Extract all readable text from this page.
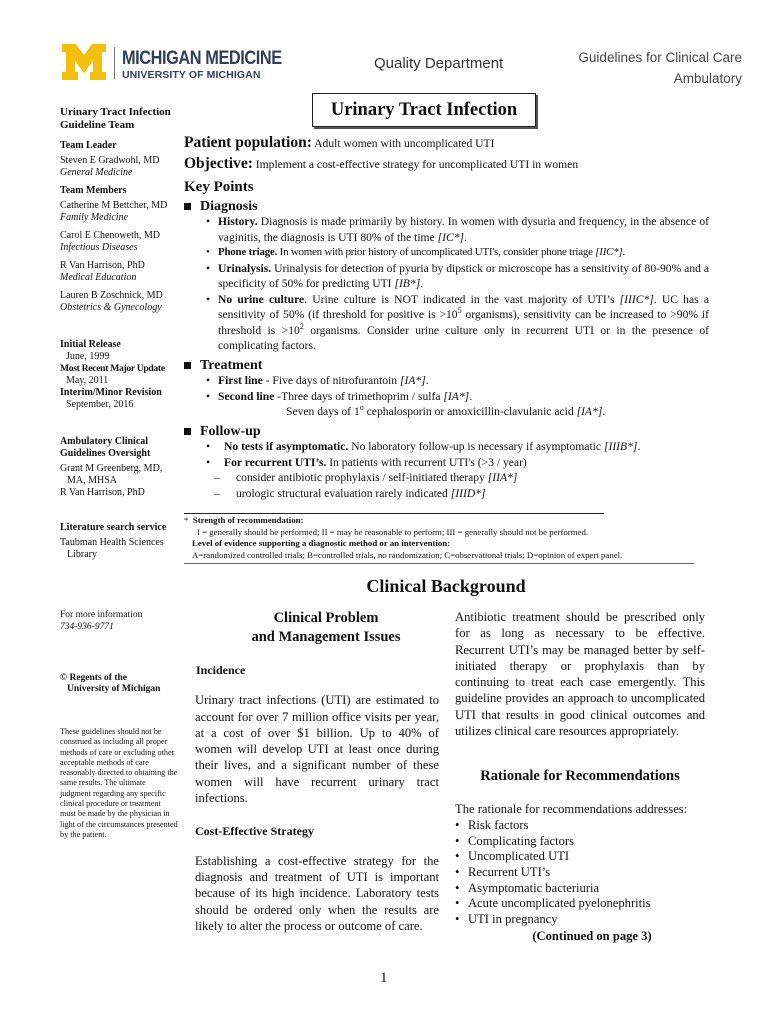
MICHIGAN MEDICINE
UNIVERSITY OF MICHIGAN
Quality Department	Guidelines for Clinical Care
Ambulatory
Urinary Tract Infection
Urinary Tract Infection Guideline Team
Team Leader
Steven E Gradwohl, MD
General Medicine
Team Members
Catherine M Bettcher, MD
Family Medicine
Carol E Chenoweth, MD
Infectious Diseases
R Van Harrison, PhD
Medical Education
Lauren B Zoschnick, MD
Obstetrics & Gynecology
Initial Release
June, 1999
Most Recent Major Update
May, 2011
Interim/Minor Revision
September, 2016
Ambulatory Clinical Guidelines Oversight
Grant M Greenberg, MD,
MA, MHSA
R Van Harrison, PhD
Literature search service
Taubman Health Sciences
Library
For more information
734-936-9771
© Regents of the
University of Michigan
These guidelines should not be construed as including all proper methods of care or excluding other acceptable methods of care reasonably directed to obtaining the same results. The ultimate judgment regarding any specific clinical procedure or treatment must be made by the physician in light of the circumstances presented by the patient.
Patient population: Adult women with uncomplicated UTI
Objective: Implement a cost-effective strategy for uncomplicated UTI in women
Key Points
Diagnosis
• History. Diagnosis is made primarily by history. In women with dysuria and frequency, in the absence of vaginitis, the diagnosis is UTI 80% of the time [IC*].
• Phone triage. In women with prior history of uncomplicated UTI's, consider phone triage [IIC*].
• Urinalysis. Urinalysis for detection of pyuria by dipstick or microscope has a sensitivity of 80-90% and a specificity of 50% for predicting UTI [IB*].
• No urine culture. Urine culture is NOT indicated in the vast majority of UTI’s [IIIC*]. UC has a sensitivity of 50% (if threshold for positive is $>10^5$ organisms), sensitivity can be increased to >90% if threshold is $>10^2$ organisms. Consider urine culture only in recurrent UTI or in the presence of complicating factors.
Treatment
• First line - Five days of nitrofurantoin [IA*].
• Second line -Three days of trimethoprim / sulfa [IA*].
Seven days of 1$^o$ cephalosporin or amoxicillin-clavulanic acid [IA*].
Follow-up
• No tests if asymptomatic. No laboratory follow-up is necessary if asymptomatic [IIIB*].
• For recurrent UTI’s. In patients with recurrent UTI's (>3 / year)
– consider antibiotic prophylaxis / self-initiated therapy [IIA*]
– urologic structural evaluation rarely indicated [IIID*]
* Strength of recommendation:
I = generally should be performed; II = may be reasonable to perform; III = generally should not be performed.
Level of evidence supporting a diagnostic method or an intervention:
A=randomized controlled trials; B=controlled trials, no randomization; C=observational trials; D=opinion of expert panel.
Clinical Background
Clinical Problem
and Management Issues
Incidence
Urinary tract infections (UTI) are estimated to account for over 7 million office visits per year, at a cost of over $1 billion. Up to 40% of women will develop UTI at least once during their lives, and a significant number of these women will have recurrent urinary tract infections.
Cost-Effective Strategy
Establishing a cost-effective strategy for the diagnosis and treatment of UTI is important because of its high incidence. Laboratory tests should be ordered only when the results are likely to alter the process or outcome of care.
Antibiotic treatment should be prescribed only for as long as necessary to be effective. Recurrent UTI’s may be managed better by self-initiated therapy or prophylaxis than by continuing to treat each case emergently. This guideline provides an approach to uncomplicated UTI that results in good clinical outcomes and utilizes clinical care resources appropriately.
Rationale for Recommendations
The rationale for recommendations addresses:
• Risk factors
• Complicating factors
• Uncomplicated UTI
• Recurrent UTI’s
• Asymptomatic bacteriuria
• Acute uncomplicated pyelonephritis
• UTI in pregnancy
(Continued on page 3)
1
